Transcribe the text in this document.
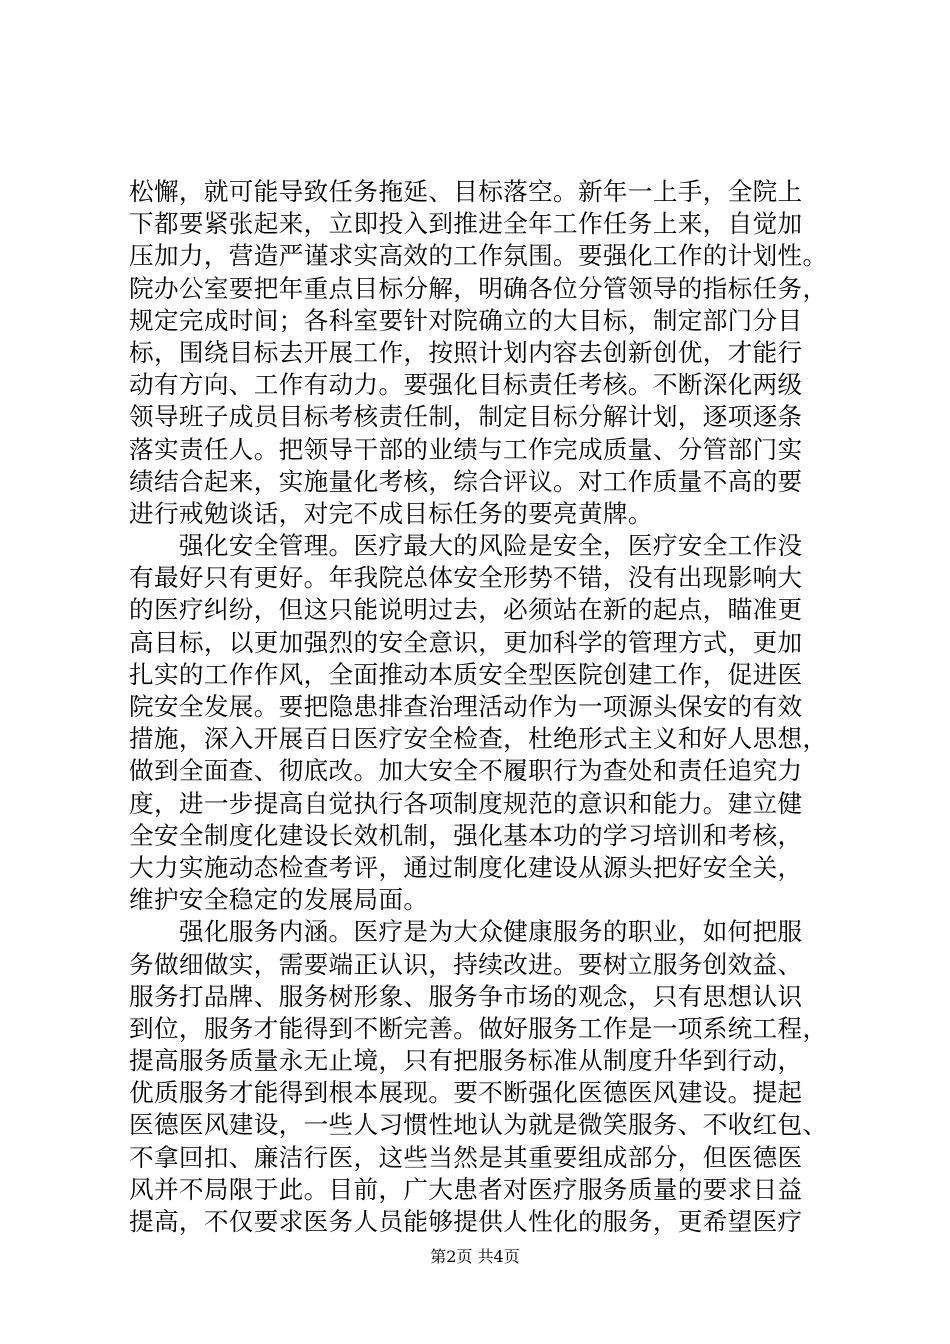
松懈，就可能导致任务拖延、目标落空。新年一上手，全院上
下都要紧张起来，立即投入到推进全年工作任务上来，自觉加
压加力，营造严谨求实高效的工作氛围。要强化工作的计划性。
院办公室要把年重点目标分解，明确各位分管领导的指标任务，
规定完成时间；各科室要针对院确立的大目标，制定部门分目
标，围绕目标去开展工作，按照计划内容去创新创优，才能行
动有方向、工作有动力。要强化目标责任考核。不断深化两级
领导班子成员目标考核责任制，制定目标分解计划，逐项逐条
落实责任人。把领导干部的业绩与工作完成质量、分管部门实
绩结合起来，实施量化考核，综合评议。对工作质量不高的要
进行戒勉谈话，对完不成目标任务的要亮黄牌。
　　强化安全管理。医疗最大的风险是安全，医疗安全工作没
有最好只有更好。年我院总体安全形势不错，没有出现影响大
的医疗纠纷，但这只能说明过去，必须站在新的起点，瞄准更
高目标，以更加强烈的安全意识，更加科学的管理方式，更加
扎实的工作作风，全面推动本质安全型医院创建工作，促进医
院安全发展。要把隐患排查治理活动作为一项源头保安的有效
措施，深入开展百日医疗安全检查，杜绝形式主义和好人思想，
做到全面查、彻底改。加大安全不履职行为查处和责任追究力
度，进一步提高自觉执行各项制度规范的意识和能力。建立健
全安全制度化建设长效机制，强化基本功的学习培训和考核，
大力实施动态检查考评，通过制度化建设从源头把好安全关，
维护安全稳定的发展局面。
　　强化服务内涵。医疗是为大众健康服务的职业，如何把服
务做细做实，需要端正认识，持续改进。要树立服务创效益、
服务打品牌、服务树形象、服务争市场的观念，只有思想认识
到位，服务才能得到不断完善。做好服务工作是一项系统工程，
提高服务质量永无止境，只有把服务标准从制度升华到行动，
优质服务才能得到根本展现。要不断强化医德医风建设。提起
医德医风建设，一些人习惯性地认为就是微笑服务、不收红包、
不拿回扣、廉洁行医，这些当然是其重要组成部分，但医德医
风并不局限于此。目前，广大患者对医疗服务质量的要求日益
提高，不仅要求医务人员能够提供人性化的服务，更希望医疗
第2页 共4页
